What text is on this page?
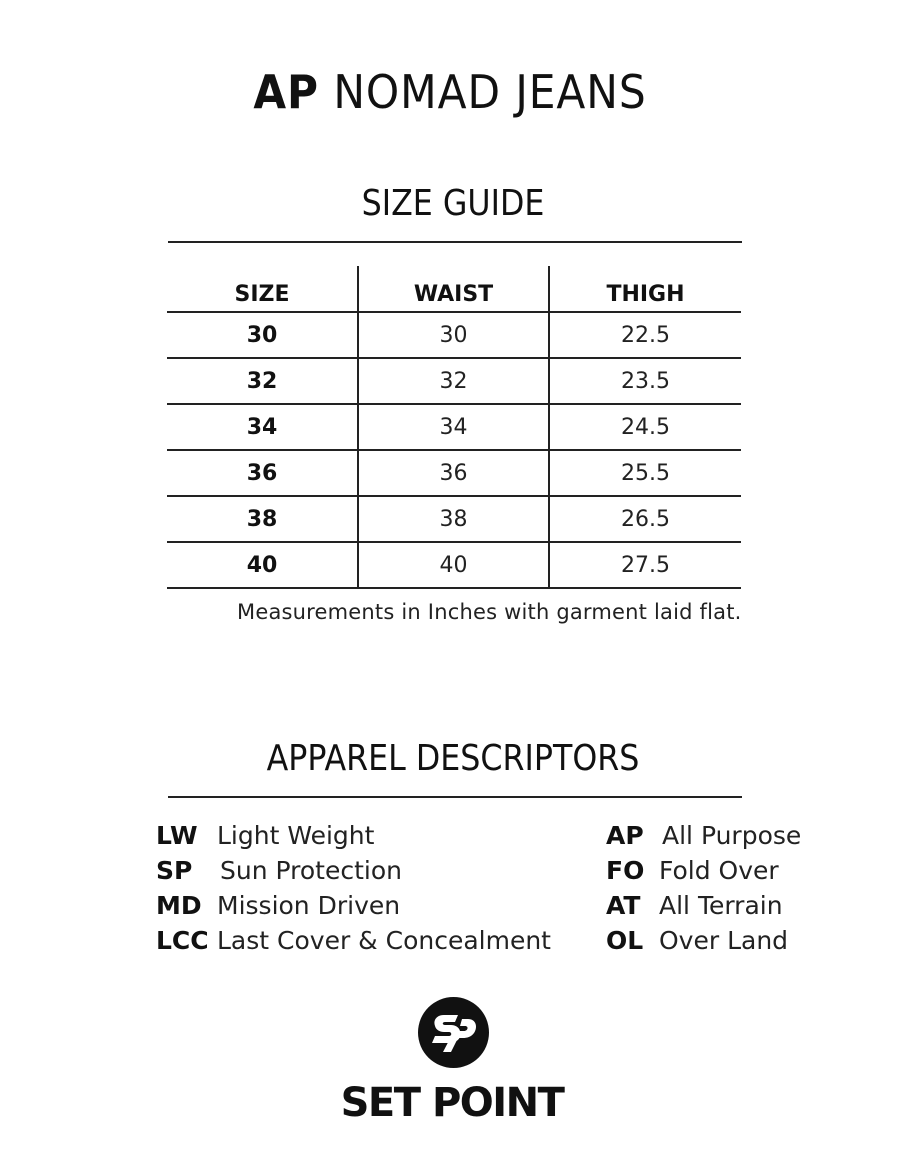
AP NOMAD JEANS
SIZE GUIDE
SIZE	WAIST	THIGH
30	30	22.5
32	32	23.5
34	34	24.5
36	36	25.5
38	38	26.5
40	40	27.5
Measurements in Inches with garment laid flat.
APPAREL DESCRIPTORS
LW Light Weight
SP	Sun Protection
MD Mission Driven
LCC Last Cover & Concealment
AP All Purpose
FO Fold Over
AT All Terrain
OL Over Land
SET POINT
